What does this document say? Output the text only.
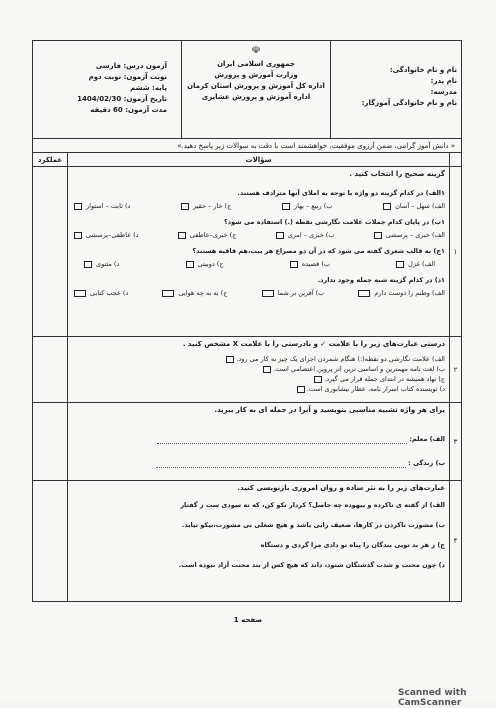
نام و نام خانوادگی:
نام پدر:
مدرسه:
نام و نام خانوادگی آموزگار:
☫
جمهوری اسلامی ایران
وزارت آموزش و پرورش
اداره کل آموزش و پرورش استان کرمان
اداره آموزش و پرورش عشایری
آزمون درس: فارسی
نوبت آزمون: نوبت دوم
پایه: ششم
تاریخ آزمون: 1404/02/30
مدت آزمون: 60 دقیقه
« دانش آموز گرامی، ضمن آرزوی موفقیت، خواهشمند است با دقت به سوالات زیر پاسخ دهید.»
سؤالات
عملکرد
۱
گزینه صحیح را انتخاب کنید .
۱الف) در کدام گزینه دو واژه با توجه به املای آنها مترادف هستند.
الف) سهل – آسان
ب) ربیع – بهار
ج) خار – حقیر
د) ثابت – استوار
۱ب) در پایان کدام جملات علامت نگارشی نقطه (.) استفاده می شود؟
الف) خبری – پرسشی
ب) خبری – امری
ج) خبری–عاطفی
د) عاطفی–پرسشی
۱ج) به قالب شعری گفته می شود که در آن دو مصراع هر بیت،هم قافیه هستند؟
الف) غزل
ب) قصیده
ج) دوبیتی
د) مثنوی
۱د) در کدام گزینه شبه جمله وجود ندارد.
الف) وطنم را دوست دارم
ب) آفرین بر شما
ج) به به چه هوایی
د) عجب کتابی
۲
درستی عبارت‌های زیر را با علامت ✓ و نادرستی را با علامت X مشخص کنید .
الف) علامت نگارشی دو نقطه(:) هنگام شمردن اجزای یک چیز به کار می رود.
ب) لغت نامه مهمترین و اساسی ترین اثر پروین اعتصامی است.
ج) نهاد همیشه در ابتدای جمله قرار می گیرد.
د) نویسنده کتاب اسرار نامه، عطار نیشابوری است.
۳
برای هر واژه تشبیه مناسبی بنویسید و آنرا در جمله ای به کار ببرید.
الف) معلم:
ب) زندگی :
۴
عبارت‌های زیر را به نثر ساده و روان امروزی بازنویسی کنید.
الف) از گفته ی ناکرده و بیهوده چه حاصل؟ کردار نکو کن، که نه سودی ست ز گفتار
ب) مشورت ناکردن در کارها، ضعیف رایی باشد و هیچ شغلی بی مشورت،نیکو نیاید.
ج) ز هر بد تویی بندگان را پناه تو دادی مرا گردی و دستگاه
د) چون محنت و شدت گذشتگان شنود، داند که هیچ کس از بند محنت آزاد نبوده است.
صفحه 1
Scanned with CamScanner
